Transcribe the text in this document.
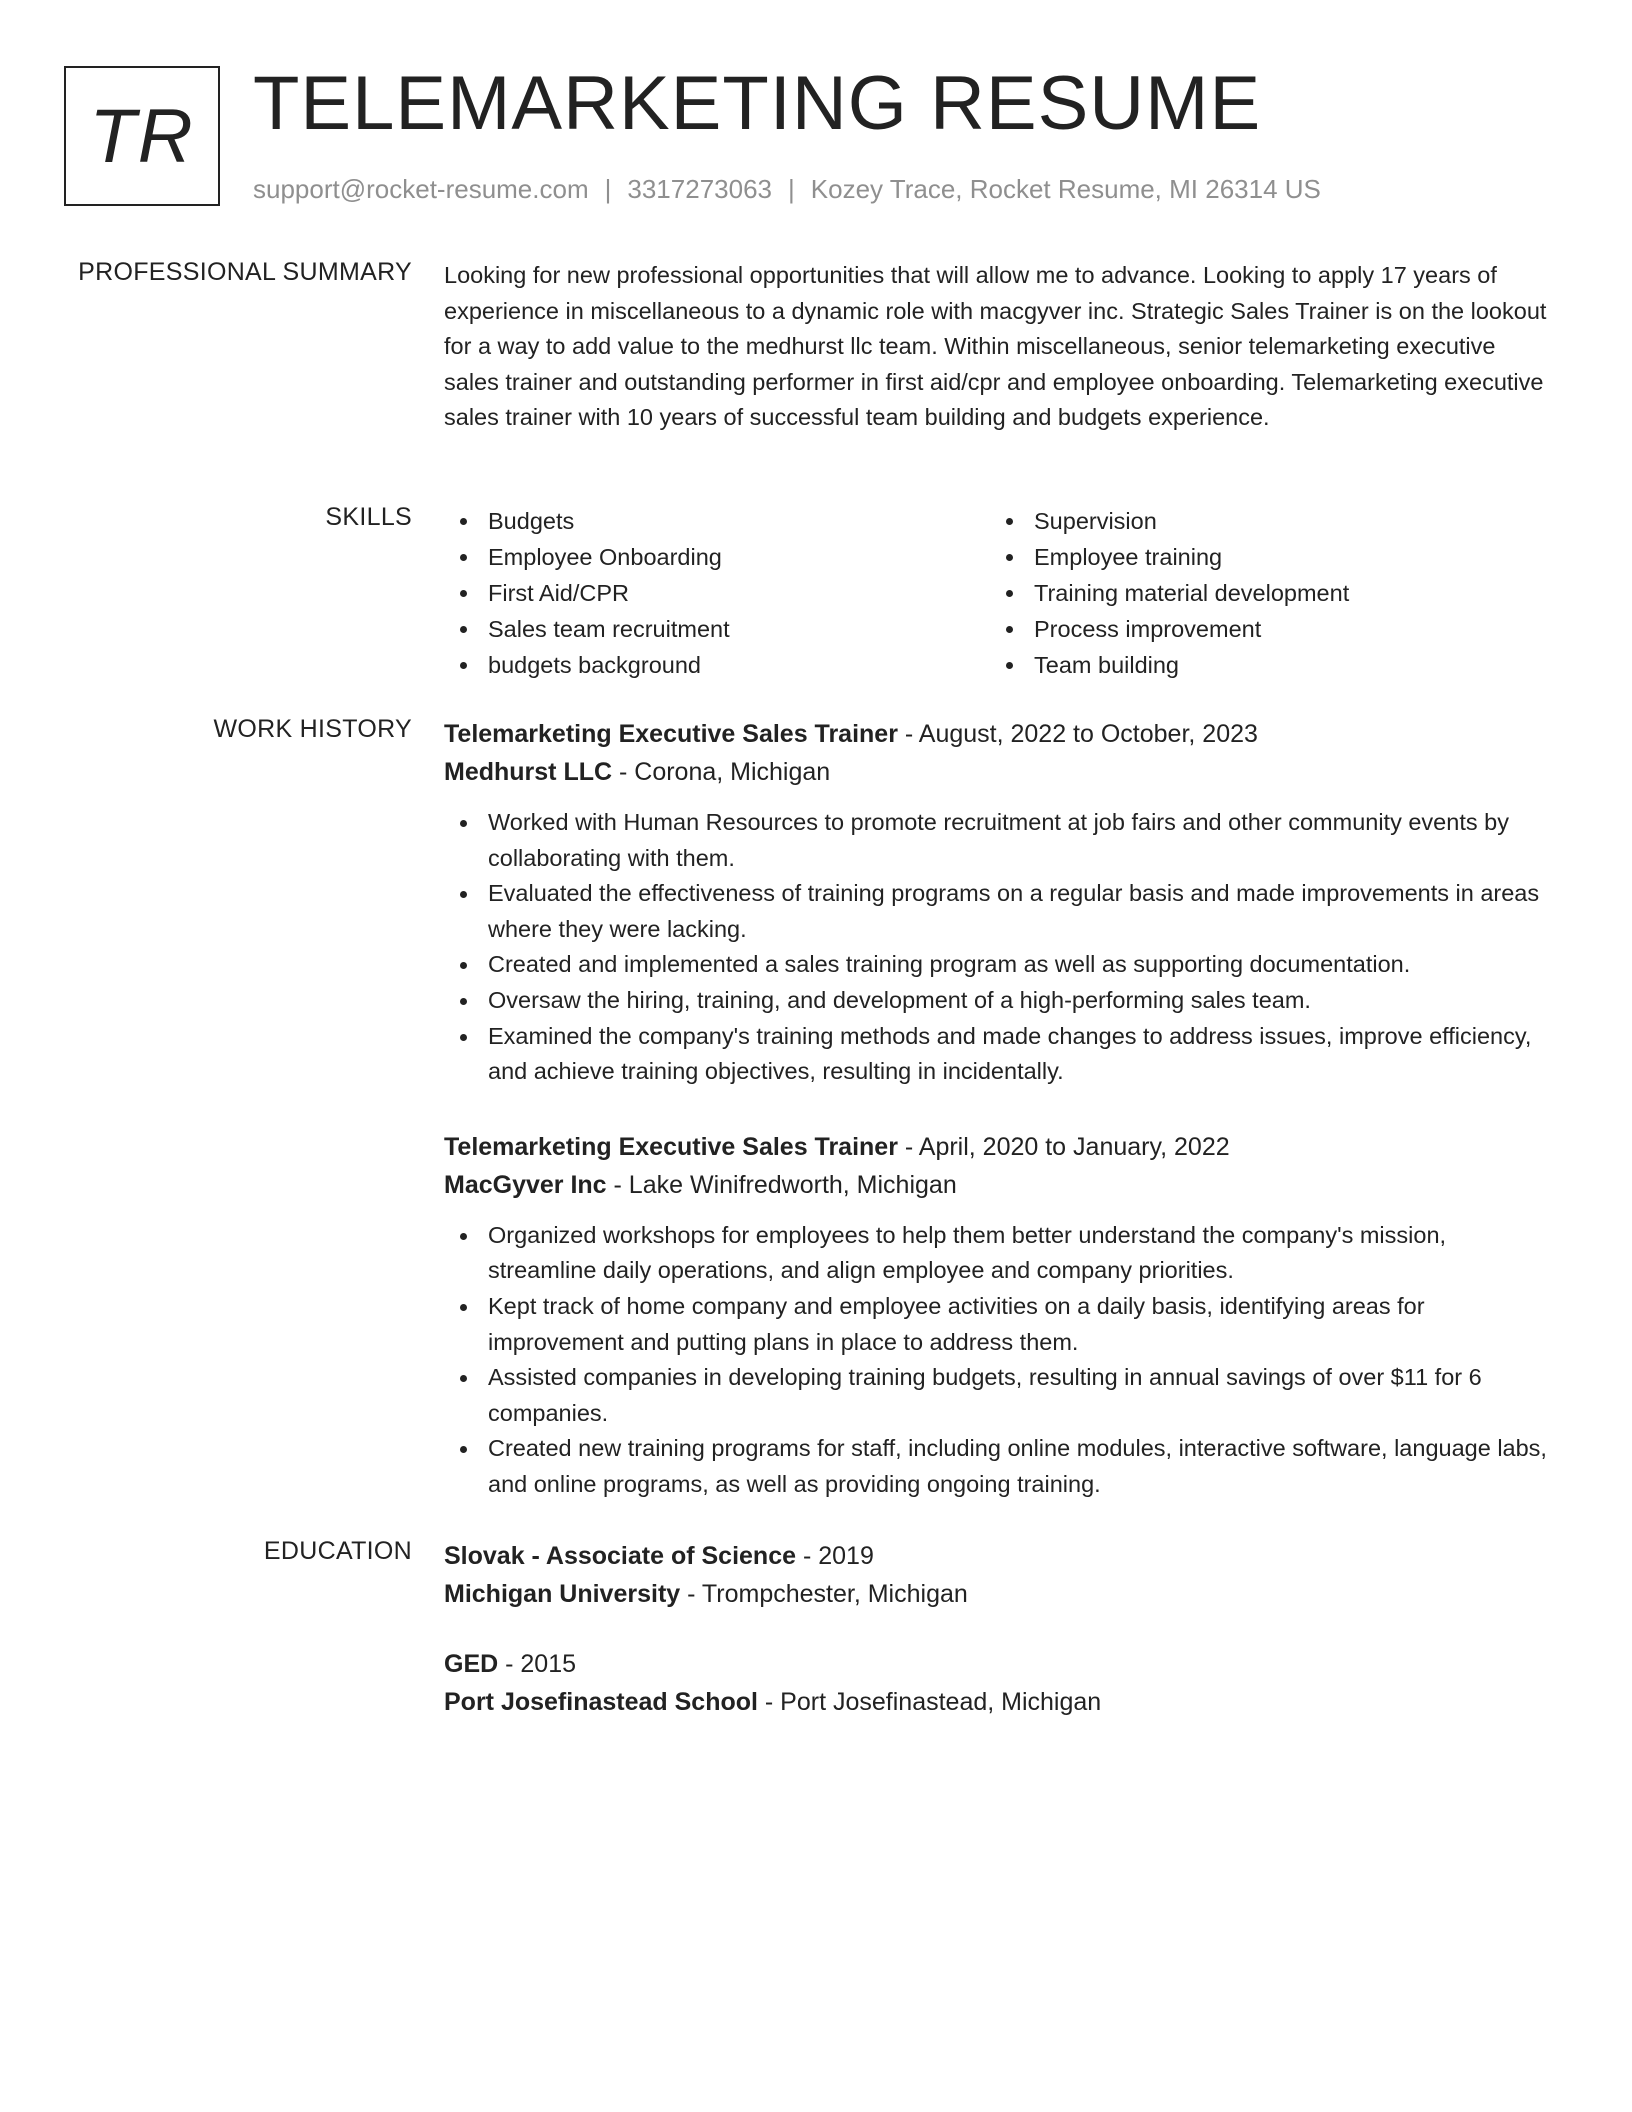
TR TELEMARKETING RESUME
support@rocket-resume.com | 3317273063 | Kozey Trace, Rocket Resume, MI 26314 US
PROFESSIONAL SUMMARY Looking for new professional opportunities that will allow me to advance. Looking to apply 17 years of experience in miscellaneous to a dynamic role with macgyver inc. Strategic Sales Trainer is on the lookout for a way to add value to the medhurst llc team. Within miscellaneous, senior telemarketing executive sales trainer and outstanding performer in first aid/cpr and employee onboarding. Telemarketing executive sales trainer with 10 years of successful team building and budgets experience.

SKILLS	Budgets
Employee Onboarding
First Aid/CPR
Sales team recruitment
budgets background
Supervision
Employee training
Training material development
Process improvement
Team building
WORK HISTORY Telemarketing Executive Sales Trainer - August, 2022 to October, 2023
Medhurst LLC - Corona, Michigan
Worked with Human Resources to promote recruitment at job fairs and other community events by collaborating with them.
Evaluated the effectiveness of training programs on a regular basis and made improvements in areas where they were lacking.
Created and implemented a sales training program as well as supporting documentation.
Oversaw the hiring, training, and development of a high-performing sales team.
Examined the company's training methods and made changes to address issues, improve efficiency, and achieve training objectives, resulting in incidentally.
Telemarketing Executive Sales Trainer - April, 2020 to January, 2022
MacGyver Inc - Lake Winifredworth, Michigan
Organized workshops for employees to help them better understand the company's mission, streamline daily operations, and align employee and company priorities.
Kept track of home company and employee activities on a daily basis, identifying areas for improvement and putting plans in place to address them.
Assisted companies in developing training budgets, resulting in annual savings of over $11 for 6 companies.
Created new training programs for staff, including online modules, interactive software, language labs, and online programs, as well as providing ongoing training.
EDUCATION Slovak - Associate of Science - 2019
Michigan University - Trompchester, Michigan
GED - 2015
Port Josefinastead School - Port Josefinastead, Michigan
